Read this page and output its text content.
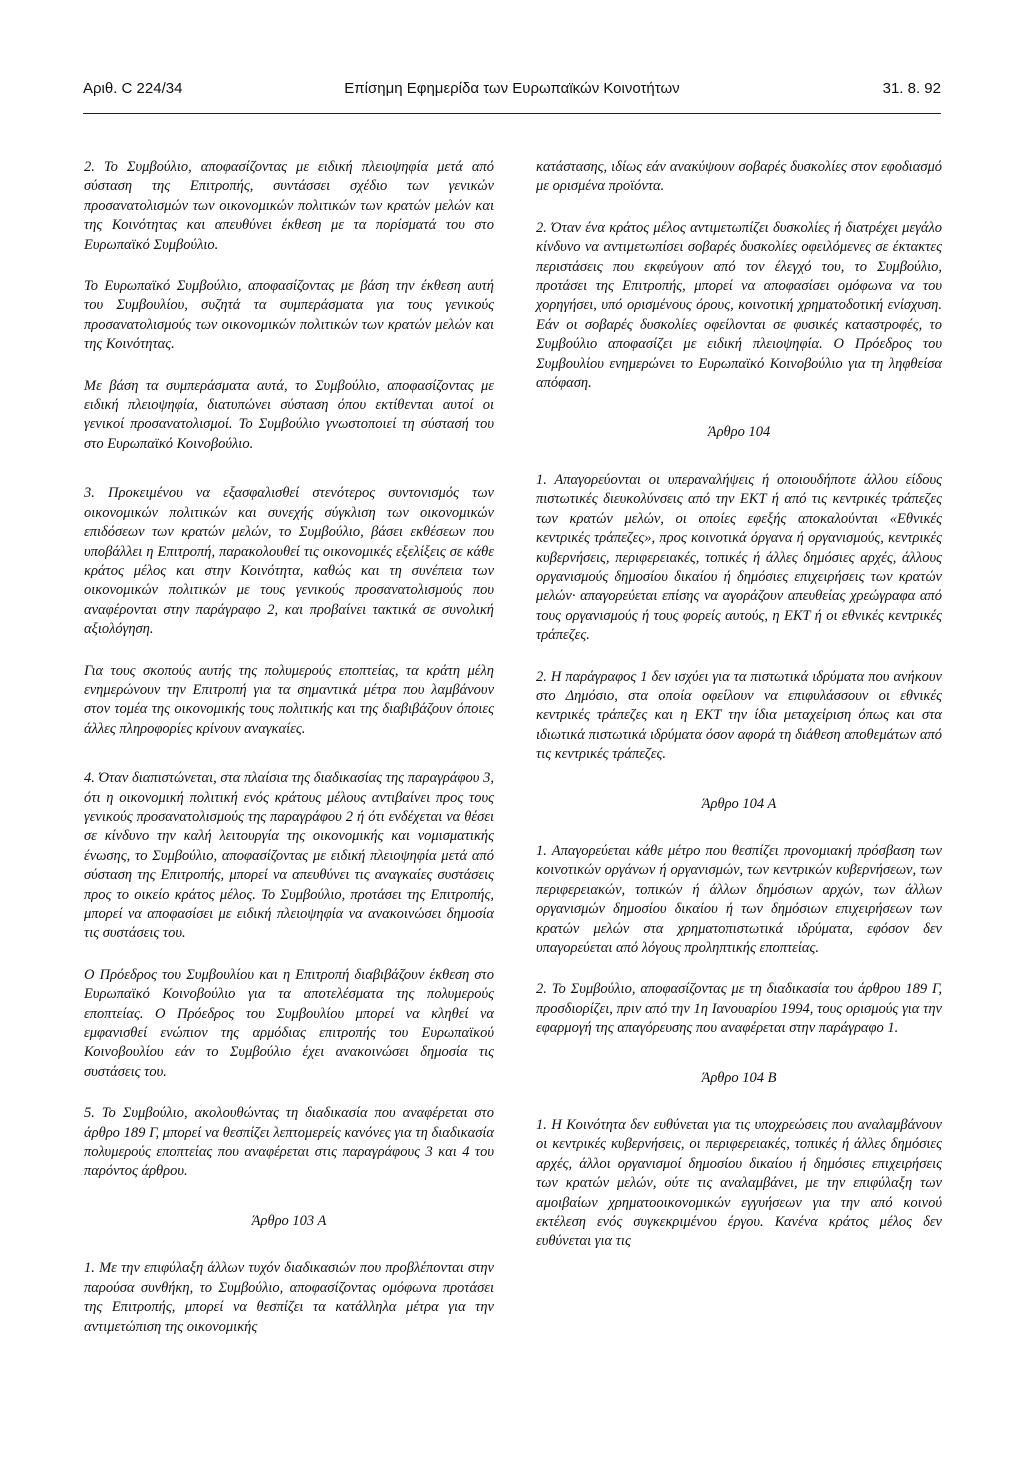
Αριθ. C 224/34	Επίσημη Εφημερίδα των Ευρωπαϊκών Κοινοτήτων	31. 8. 92

2. Το Συμβούλιο, αποφασίζοντας με ειδική πλειοψηφία μετά από σύσταση της Επιτροπής, συντάσσει σχέδιο των γενικών προσανατολισμών των οικονομικών πολιτικών των κρατών μελών και της Κοινότητας και απευθύνει έκθεση με τα πορίσματά του στο Ευρωπαϊκό Συμβούλιο.

Το Ευρωπαϊκό Συμβούλιο, αποφασίζοντας με βάση την έκθεση αυτή του Συμβουλίου, συζητά τα συμπεράσματα για τους γενικούς προσανατολισμούς των οικονομικών πολιτικών των κρατών μελών και της Κοινότητας.

Με βάση τα συμπεράσματα αυτά, το Συμβούλιο, αποφασίζοντας με ειδική πλειοψηφία, διατυπώνει σύσταση όπου εκτίθενται αυτοί οι γενικοί προσανατολισμοί. Το Συμβούλιο γνωστοποιεί τη σύστασή του στο Ευρωπαϊκό Κοινοβούλιο.

3. Προκειμένου να εξασφαλισθεί στενότερος συντονισμός των οικονομικών πολιτικών και συνεχής σύγκλιση των οικονομικών επιδόσεων των κρατών μελών, το Συμβούλιο, βάσει εκθέσεων που υποβάλλει η Επιτροπή, παρακολουθεί τις οικονομικές εξελίξεις σε κάθε κράτος μέλος και στην Κοινότητα, καθώς και τη συνέπεια των οικονομικών πολιτικών με τους γενικούς προσανατολισμούς που αναφέρονται στην παράγραφο 2, και προβαίνει τακτικά σε συνολική αξιολόγηση.

Για τους σκοπούς αυτής της πολυμερούς εποπτείας, τα κράτη μέλη ενημερώνουν την Επιτροπή για τα σημαντικά μέτρα που λαμβάνουν στον τομέα της οικονομικής τους πολιτικής και της διαβιβάζουν όποιες άλλες πληροφορίες κρίνουν αναγκαίες.

4. Όταν διαπιστώνεται, στα πλαίσια της διαδικασίας της παραγράφου 3, ότι η οικονομική πολιτική ενός κράτους μέλους αντιβαίνει προς τους γενικούς προσανατολισμούς της παραγράφου 2 ή ότι ενδέχεται να θέσει σε κίνδυνο την καλή λειτουργία της οικονομικής και νομισματικής ένωσης, το Συμβούλιο, αποφασίζοντας με ειδική πλειοψηφία μετά από σύσταση της Επιτροπής, μπορεί να απευθύνει τις αναγκαίες συστάσεις προς το οικείο κράτος μέλος. Το Συμβούλιο, προτάσει της Επιτροπής, μπορεί να αποφασίσει με ειδική πλειοψηφία να ανακοινώσει δημοσία τις συστάσεις του.

Ο Πρόεδρος του Συμβουλίου και η Επιτροπή διαβιβάζουν έκθεση στο Ευρωπαϊκό Κοινοβούλιο για τα αποτελέσματα της πολυμερούς εποπτείας. Ο Πρόεδρος του Συμβουλίου μπορεί να κληθεί να εμφανισθεί ενώπιον της αρμόδιας επιτροπής του Ευρωπαϊκού Κοινοβουλίου εάν το Συμβούλιο έχει ανακοινώσει δημοσία τις συστάσεις του.

5. Το Συμβούλιο, ακολουθώντας τη διαδικασία που αναφέρεται στο άρθρο 189 Γ, μπορεί να θεσπίζει λεπτομερείς κανόνες για τη διαδικασία πολυμερούς εποπτείας που αναφέρεται στις παραγράφους 3 και 4 του παρόντος άρθρου.

Άρθρο 103 Α

1. Με την επιφύλαξη άλλων τυχόν διαδικασιών που προβλέπονται στην παρούσα συνθήκη, το Συμβούλιο, αποφασίζοντας ομόφωνα προτάσει της Επιτροπής, μπορεί να θεσπίζει τα κατάλληλα μέτρα για την αντιμετώπιση της οικονομικής

κατάστασης, ιδίως εάν ανακύψουν σοβαρές δυσκολίες στον εφοδιασμό με ορισμένα προϊόντα.

2. Όταν ένα κράτος μέλος αντιμετωπίζει δυσκολίες ή διατρέχει μεγάλο κίνδυνο να αντιμετωπίσει σοβαρές δυσκολίες οφειλόμενες σε έκτακτες περιστάσεις που εκφεύγουν από τον έλεγχό του, το Συμβούλιο, προτάσει της Επιτροπής, μπορεί να αποφασίσει ομόφωνα να του χορηγήσει, υπό ορισμένους όρους, κοινοτική χρηματοδοτική ενίσχυση. Εάν οι σοβαρές δυσκολίες οφείλονται σε φυσικές καταστροφές, το Συμβούλιο αποφασίζει με ειδική πλειοψηφία. Ο Πρόεδρος του Συμβουλίου ενημερώνει το Ευρωπαϊκό Κοινοβούλιο για τη ληφθείσα απόφαση.

Άρθρο 104

1. Απαγορεύονται οι υπεραναλήψεις ή οποιουδήποτε άλλου είδους πιστωτικές διευκολύνσεις από την ΕΚΤ ή από τις κεντρικές τράπεζες των κρατών μελών, οι οποίες εφεξής αποκαλούνται «Εθνικές κεντρικές τράπεζες», προς κοινοτικά όργανα ή οργανισμούς, κεντρικές κυβερνήσεις, περιφερειακές, τοπικές ή άλλες δημόσιες αρχές, άλλους οργανισμούς δημοσίου δικαίου ή δημόσιες επιχειρήσεις των κρατών μελών· απαγορεύεται επίσης να αγοράζουν απευθείας χρεώγραφα από τους οργανισμούς ή τους φορείς αυτούς, η ΕΚΤ ή οι εθνικές κεντρικές τράπεζες.

2. Η παράγραφος 1 δεν ισχύει για τα πιστωτικά ιδρύματα που ανήκουν στο Δημόσιο, στα οποία οφείλουν να επιφυλάσσουν οι εθνικές κεντρικές τράπεζες και η ΕΚΤ την ίδια μεταχείριση όπως και στα ιδιωτικά πιστωτικά ιδρύματα όσον αφορά τη διάθεση αποθεμάτων από τις κεντρικές τράπεζες.

Άρθρο 104 Α

1. Απαγορεύεται κάθε μέτρο που θεσπίζει προνομιακή πρόσβαση των κοινοτικών οργάνων ή οργανισμών, των κεντρικών κυβερνήσεων, των περιφερειακών, τοπικών ή άλλων δημόσιων αρχών, των άλλων οργανισμών δημοσίου δικαίου ή των δημόσιων επιχειρήσεων των κρατών μελών στα χρηματοπιστωτικά ιδρύματα, εφόσον δεν υπαγορεύεται από λόγους προληπτικής εποπτείας.

2. Το Συμβούλιο, αποφασίζοντας με τη διαδικασία του άρθρου 189 Γ, προσδιορίζει, πριν από την 1η Ιανουαρίου 1994, τους ορισμούς για την εφαρμογή της απαγόρευσης που αναφέρεται στην παράγραφο 1.

Άρθρο 104 Β

1. Η Κοινότητα δεν ευθύνεται για τις υποχρεώσεις που αναλαμβάνουν οι κεντρικές κυβερνήσεις, οι περιφερειακές, τοπικές ή άλλες δημόσιες αρχές, άλλοι οργανισμοί δημοσίου δικαίου ή δημόσιες επιχειρήσεις των κρατών μελών, ούτε τις αναλαμβάνει, με την επιφύλαξη των αμοιβαίων χρηματοοικονομικών εγγυήσεων για την από κοινού εκτέλεση ενός συγκεκριμένου έργου. Κανένα κράτος μέλος δεν ευθύνεται για τις
